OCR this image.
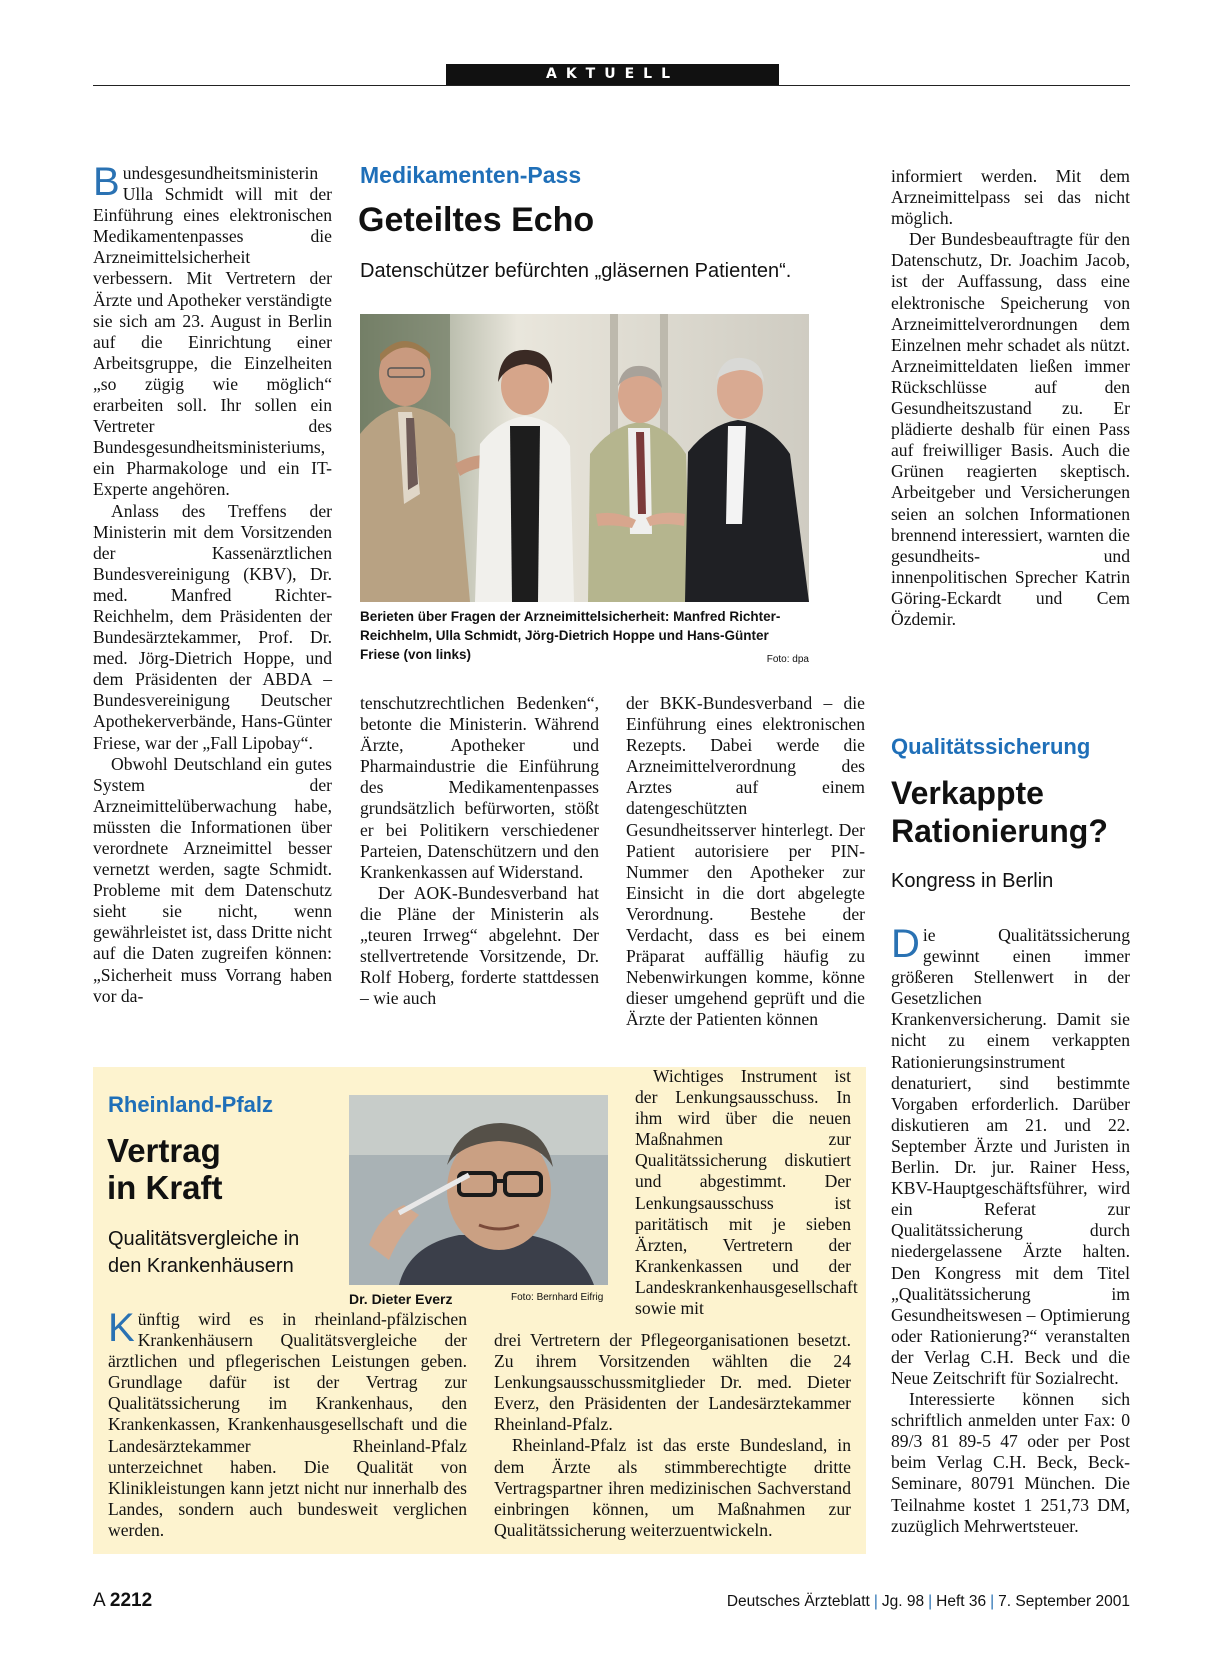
AKTUELL

Bundesgesundheitsministerin Ulla Schmidt will mit der Einführung eines elektronischen Medikamentenpasses die Arzneimittelsicherheit verbessern. Mit Vertretern der Ärzte und Apotheker verständigte sie sich am 23. August in Berlin auf die Einrichtung einer Arbeitsgruppe, die Einzelheiten „so zügig wie möglich“ erarbeiten soll. Ihr sollen ein Vertreter des Bundesgesundheitsministeriums, ein Pharmakologe und ein IT-Experte angehören.

Anlass des Treffens der Ministerin mit dem Vorsitzenden der Kassenärztlichen Bundesvereinigung (KBV), Dr. med. Manfred Richter-Reichhelm, dem Präsidenten der Bundesärztekammer, Prof. Dr. med. Jörg-Dietrich Hoppe, und dem Präsidenten der ABDA – Bundesvereinigung Deutscher Apothekerverbände, Hans-Günter Friese, war der „Fall Lipobay“.

Obwohl Deutschland ein gutes System der Arzneimittelüberwachung habe, müssten die Informationen über verordnete Arzneimittel besser vernetzt werden, sagte Schmidt. Probleme mit dem Datenschutz sieht sie nicht, wenn gewährleistet ist, dass Dritte nicht auf die Daten zugreifen können: „Sicherheit muss Vorrang haben vor da-

Medikamenten-Pass
Geteiltes Echo
Datenschützer befürchten „gläsernen Patienten“.
Berieten über Fragen der Arzneimittelsicherheit: Manfred Richter-Reichhelm, Ulla Schmidt, Jörg-Dietrich Hoppe und Hans-Günter Friese (von links)	Foto: dpa

tenschutzrechtlichen Bedenken“, betonte die Ministerin. Während Ärzte, Apotheker und Pharmaindustrie die Einführung des Medikamentenpasses grundsätzlich befürworten, stößt er bei Politikern verschiedener Parteien, Datenschützern und den Krankenkassen auf Widerstand.

Der AOK-Bundesverband hat die Pläne der Ministerin als „teuren Irrweg“ abgelehnt. Der stellvertretende Vorsitzende, Dr. Rolf Hoberg, forderte stattdessen – wie auch

der BKK-Bundesverband – die Einführung eines elektronischen Rezepts. Dabei werde die Arzneimittelverordnung des Arztes auf einem datengeschützten Gesundheitsserver hinterlegt. Der Patient autorisiere per PIN-Nummer den Apotheker zur Einsicht in die dort abgelegte Verordnung. Bestehe der Verdacht, dass es bei einem Präparat auffällig häufig zu Nebenwirkungen komme, könne dieser umgehend geprüft und die Ärzte der Patienten können

informiert werden. Mit dem Arzneimittelpass sei das nicht möglich.

Der Bundesbeauftragte für den Datenschutz, Dr. Joachim Jacob, ist der Auffassung, dass eine elektronische Speicherung von Arzneimittelverordnungen dem Einzelnen mehr schadet als nützt. Arzneimitteldaten ließen immer Rückschlüsse auf den Gesundheitszustand zu. Er plädierte deshalb für einen Pass auf freiwilliger Basis. Auch die Grünen reagierten skeptisch. Arbeitgeber und Versicherungen seien an solchen Informationen brennend interessiert, warnten die gesundheits- und innenpolitischen Sprecher Katrin Göring-Eckardt und Cem Özdemir.

Qualitätssicherung
Verkappte Rationierung?
Kongress in Berlin

Die Qualitätssicherung gewinnt einen immer größeren Stellenwert in der Gesetzlichen Krankenversicherung. Damit sie nicht zu einem verkappten Rationierungsinstrument denaturiert, sind bestimmte Vorgaben erforderlich. Darüber diskutieren am 21. und 22. September Ärzte und Juristen in Berlin. Dr. jur. Rainer Hess, KBV-Hauptgeschäftsführer, wird ein Referat zur Qualitätssicherung durch niedergelassene Ärzte halten. Den Kongress mit dem Titel „Qualitätssicherung im Gesundheitswesen – Optimierung oder Rationierung?“ veranstalten der Verlag C.H. Beck und die Neue Zeitschrift für Sozialrecht.

Interessierte können sich schriftlich anmelden unter Fax: 0 89/3 81 89-5 47 oder per Post beim Verlag C.H. Beck, Beck-Seminare, 80791 München. Die Teilnahme kostet 1 251,73 DM, zuzüglich Mehrwertsteuer.

Rheinland-Pfalz
Vertrag
in Kraft
Qualitätsvergleiche in den Krankenhäusern
Dr. Dieter Everz	Foto: Bernhard Eifrig

Wichtiges Instrument ist der Lenkungsausschuss. In ihm wird über die neuen Maßnahmen zur Qualitätssicherung diskutiert und abgestimmt. Der Lenkungsausschuss ist paritätisch mit je sieben Ärzten, Vertretern der Krankenkassen und der Landeskrankenhausgesellschaft sowie mit

Künftig wird es in rheinland-pfälzischen Krankenhäusern Qualitätsvergleiche der ärztlichen und pflegerischen Leistungen geben. Grundlage dafür ist der Vertrag zur Qualitätssicherung im Krankenhaus, den Krankenkassen, Krankenhausgesellschaft und die Landesärztekammer Rheinland-Pfalz unterzeichnet haben. Die Qualität von Klinikleistungen kann jetzt nicht nur innerhalb des Landes, sondern auch bundesweit verglichen werden.

drei Vertretern der Pflegeorganisationen besetzt. Zu ihrem Vorsitzenden wählten die 24 Lenkungsausschussmitglieder Dr. med. Dieter Everz, den Präsidenten der Landesärztekammer Rheinland-Pfalz.

Rheinland-Pfalz ist das erste Bundesland, in dem Ärzte als stimmberechtigte dritte Vertragspartner ihren medizinischen Sachverstand einbringen können, um Maßnahmen zur Qualitätssicherung weiterzuentwickeln.

A 2212	Deutsches Ärzteblatt | Jg. 98 | Heft 36 | 7. September 2001
